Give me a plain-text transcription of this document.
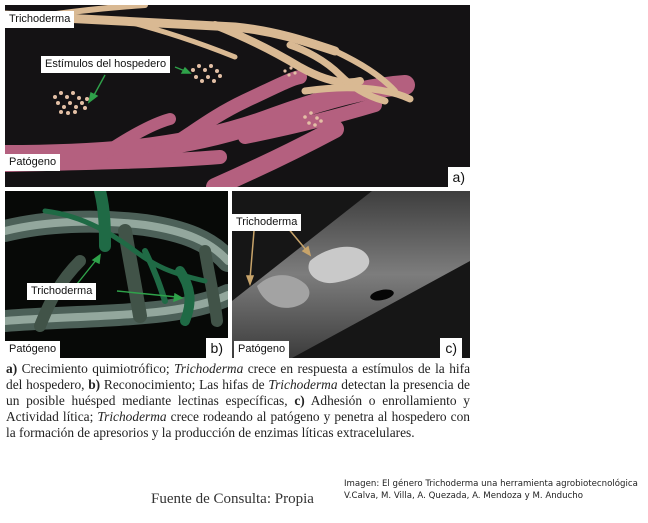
Trichoderma
Estímulos del hospedero
Patógeno
a)
Trichoderma
Patógeno	b)
Trichoderma
Patógeno	c)
a) Crecimiento quimiotrófico; Trichoderma crece en respuesta a estímulos de la hifa del hospedero, b) Reconocimiento; Las hifas de Trichoderma detectan la presencia de un posible huésped mediante lectinas específicas, c) Adhesión o enrollamiento y Actividad lítica; Trichoderma crece rodeando al patógeno y penetra al hospedero con la formación de apresorios y la producción de enzimas líticas extracelulares.
Imagen: El género Trichoderma una herramienta agrobiotecnológica
V.Calva, M. Villa, A. Quezada, A. Mendoza y M. Anducho
Fuente de Consulta: Propia
